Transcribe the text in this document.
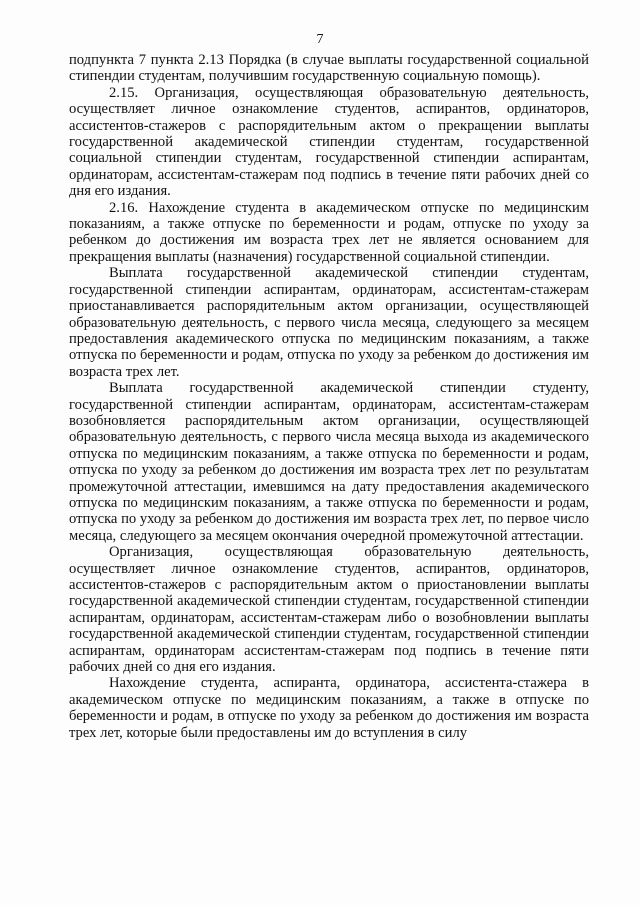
7

подпункта 7 пункта 2.13 Порядка (в случае выплаты государственной социальной стипендии студентам, получившим государственную социальную помощь).

2.15. Организация, осуществляющая образовательную деятельность, осуществляет личное ознакомление студентов, аспирантов, ординаторов, ассистентов-стажеров с распорядительным актом о прекращении выплаты государственной академической стипендии студентам, государственной социальной стипендии студентам, государственной стипендии аспирантам, ординаторам, ассистентам-стажерам под подпись в течение пяти рабочих дней со дня его издания.

2.16. Нахождение студента в академическом отпуске по медицинским показаниям, а также отпуске по беременности и родам, отпуске по уходу за ребенком до достижения им возраста трех лет не является основанием для прекращения выплаты (назначения) государственной социальной стипендии.

Выплата государственной академической стипендии студентам, государственной стипендии аспирантам, ординаторам, ассистентам-стажерам приостанавливается распорядительным актом организации, осуществляющей образовательную деятельность, с первого числа месяца, следующего за месяцем предоставления академического отпуска по медицинским показаниям, а также отпуска по беременности и родам, отпуска по уходу за ребенком до достижения им возраста трех лет.

Выплата государственной академической стипендии студенту, государственной стипендии аспирантам, ординаторам, ассистентам-стажерам возобновляется распорядительным актом организации, осуществляющей образовательную деятельность, с первого числа месяца выхода из академического отпуска по медицинским показаниям, а также отпуска по беременности и родам, отпуска по уходу за ребенком до достижения им возраста трех лет по результатам промежуточной аттестации, имевшимся на дату предоставления академического отпуска по медицинским показаниям, а также отпуска по беременности и родам, отпуска по уходу за ребенком до достижения им возраста трех лет, по первое число месяца, следующего за месяцем окончания очередной промежуточной аттестации.

Организация, осуществляющая образовательную деятельность, осуществляет личное ознакомление студентов, аспирантов, ординаторов, ассистентов-стажеров с распорядительным актом о приостановлении выплаты государственной академической стипендии студентам, государственной стипендии аспирантам, ординаторам, ассистентам-стажерам либо о возобновлении выплаты государственной академической стипендии студентам, государственной стипендии аспирантам, ординаторам ассистентам-стажерам под подпись в течение пяти рабочих дней со дня его издания.

Нахождение студента, аспиранта, ординатора, ассистента-стажера в академическом отпуске по медицинским показаниям, а также в отпуске по беременности и родам, в отпуске по уходу за ребенком до достижения им возраста трех лет, которые были предоставлены им до вступления в силу
